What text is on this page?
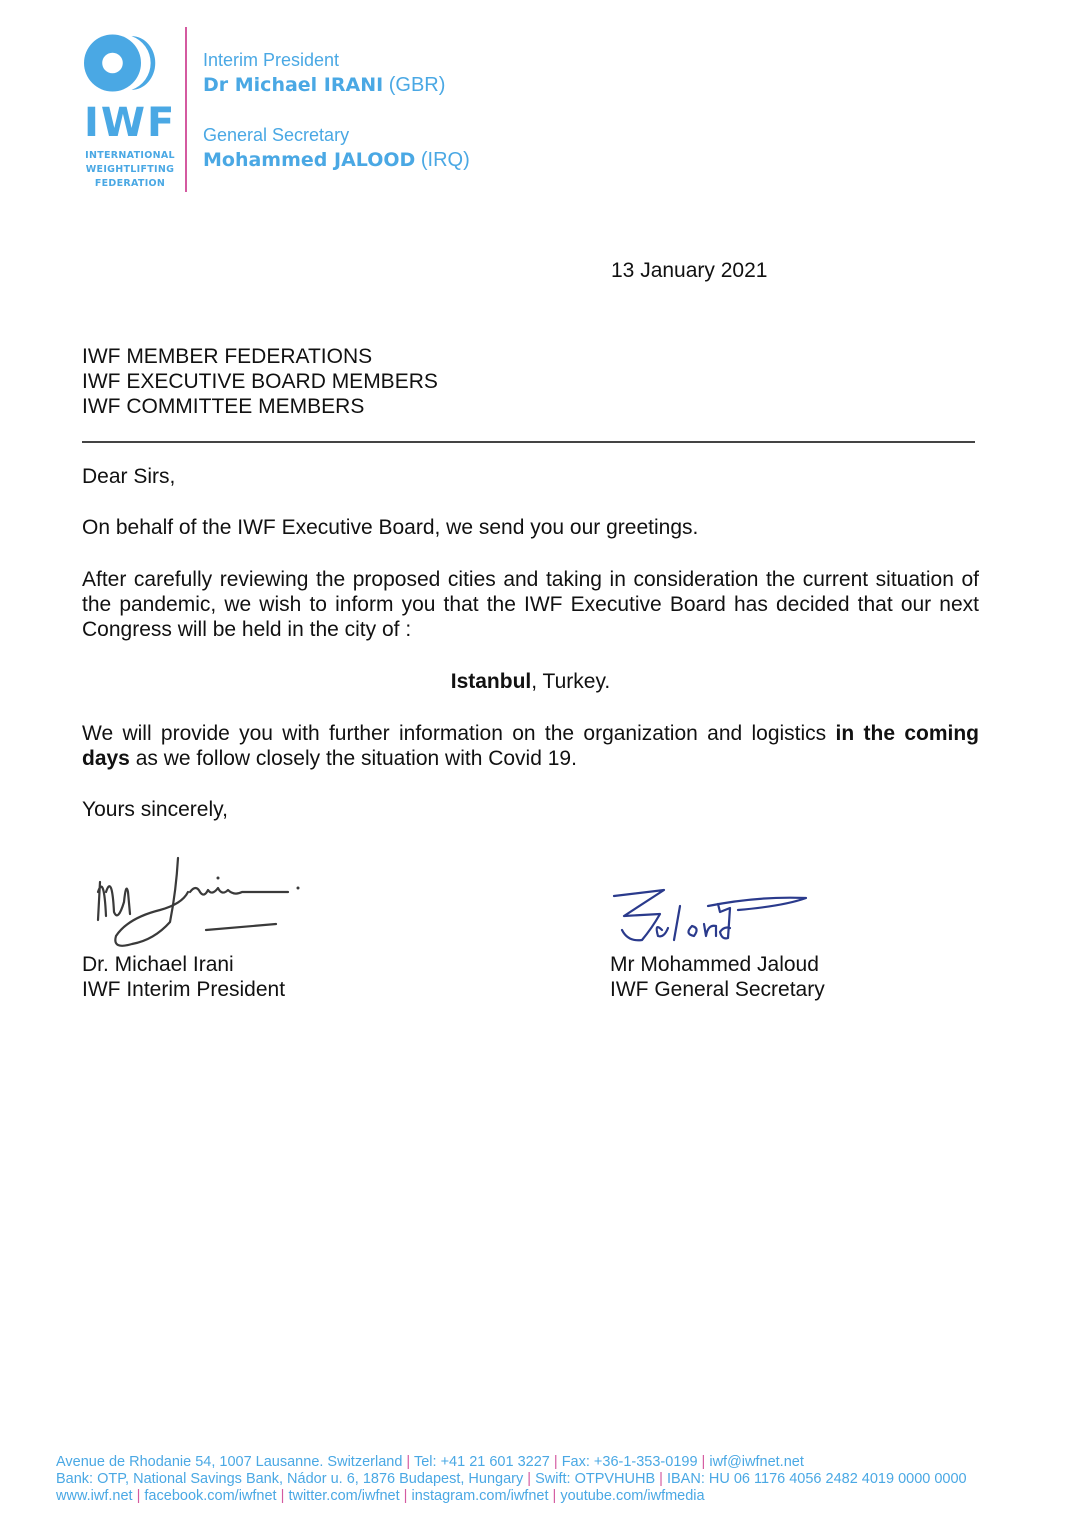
IWF
INTERNATIONAL
WEIGHTLIFTING
FEDERATION
Interim President
Dr Michael IRANI (GBR)
General Secretary
Mohammed JALOOD (IRQ)
13 January 2021
IWF MEMBER FEDERATIONS
IWF EXECUTIVE BOARD MEMBERS
IWF COMMITTEE MEMBERS
Dear Sirs,
On behalf of the IWF Executive Board, we send you our greetings.
After carefully reviewing the proposed cities and taking in consideration the current situation of the pandemic, we wish to inform you that the IWF Executive Board has decided that our next Congress will be held in the city of :
Istanbul, Turkey.
We will provide you with further information on the organization and logistics in the coming days as we follow closely the situation with Covid 19.
Yours sincerely,
Dr. Michael Irani
IWF Interim President
Mr Mohammed Jaloud
IWF General Secretary
Avenue de Rhodanie 54, 1007 Lausanne. Switzerland | Tel: +41 21 601 3227 | Fax: +36-1-353-0199 | iwf@iwfnet.net
Bank: OTP, National Savings Bank, Nádor u. 6, 1876 Budapest, Hungary | Swift: OTPVHUHB | IBAN: HU 06 1176 4056 2482 4019 0000 0000
www.iwf.net | facebook.com/iwfnet | twitter.com/iwfnet | instagram.com/iwfnet | youtube.com/iwfmedia
